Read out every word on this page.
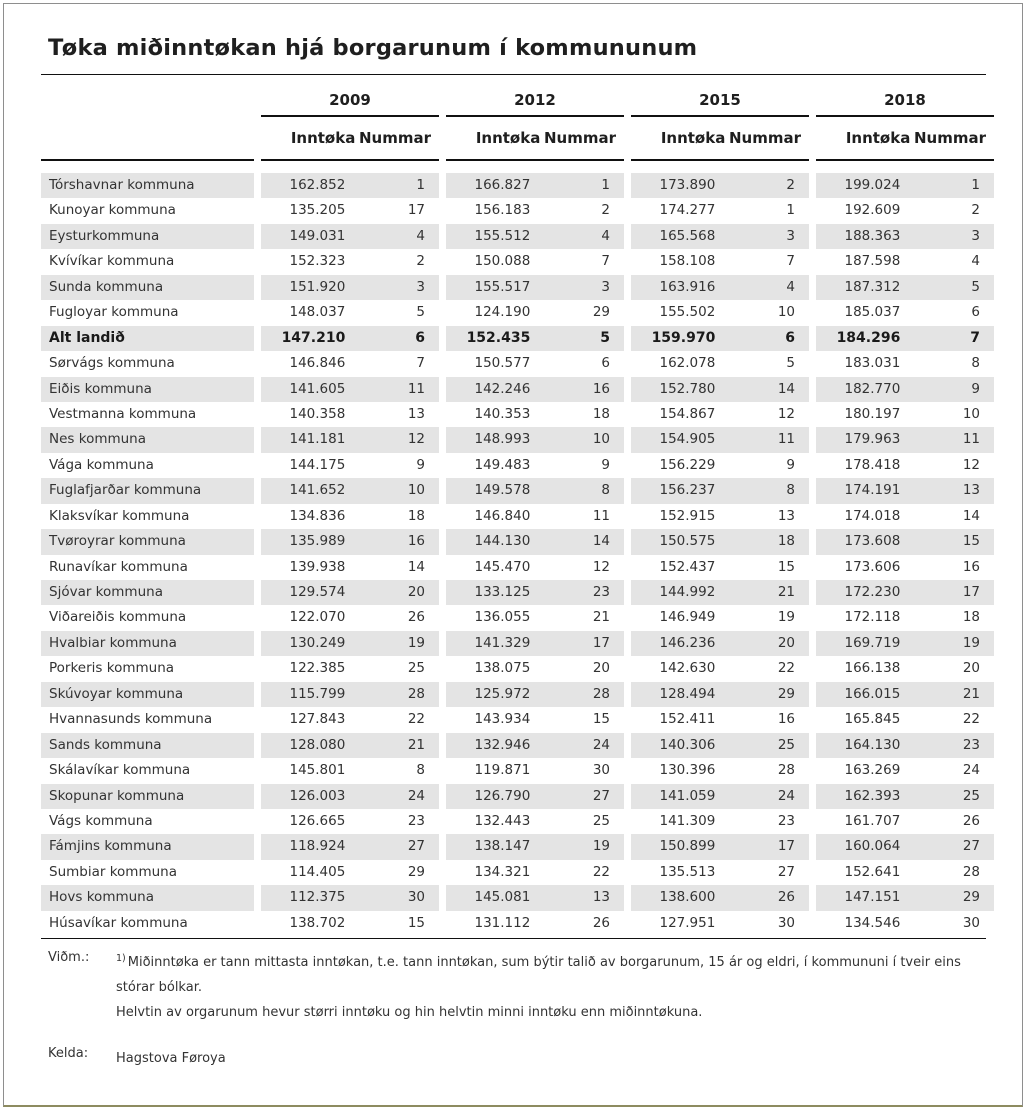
Tøka miðinntøkan hjá borgarunum í kommununum
2009	2012	2015	2018
Inntøka Nummar	Inntøka Nummar	Inntøka Nummar	Inntøka Nummar
Tórshavnar kommuna	162.852	1	166.827	1	173.890	2	199.024	1
Kunoyar kommuna	135.205	17	156.183	2	174.277	1	192.609	2
Eysturkommuna	149.031	4	155.512	4	165.568	3	188.363	3
Kvívíkar kommuna	152.323	2	150.088	7	158.108	7	187.598	4
Sunda kommuna	151.920	3	155.517	3	163.916	4	187.312	5
Fugloyar kommuna	148.037	5	124.190	29	155.502	10	185.037	6
Alt landið	147.210	6	152.435	5	159.970	6	184.296	7
Sørvágs kommuna	146.846	7	150.577	6	162.078	5	183.031	8
Eiðis kommuna	141.605	11	142.246	16	152.780	14	182.770	9
Vestmanna kommuna	140.358	13	140.353	18	154.867	12	180.197	10
Nes kommuna	141.181	12	148.993	10	154.905	11	179.963	11
Vága kommuna	144.175	9	149.483	9	156.229	9	178.418	12
Fuglafjarðar kommuna	141.652	10	149.578	8	156.237	8	174.191	13
Klaksvíkar kommuna	134.836	18	146.840	11	152.915	13	174.018	14
Tvøroyrar kommuna	135.989	16	144.130	14	150.575	18	173.608	15
Runavíkar kommuna	139.938	14	145.470	12	152.437	15	173.606	16
Sjóvar kommuna	129.574	20	133.125	23	144.992	21	172.230	17
Viðareiðis kommuna	122.070	26	136.055	21	146.949	19	172.118	18
Hvalbiar kommuna	130.249	19	141.329	17	146.236	20	169.719	19
Porkeris kommuna	122.385	25	138.075	20	142.630	22	166.138	20
Skúvoyar kommuna	115.799	28	125.972	28	128.494	29	166.015	21
Hvannasunds kommuna	127.843	22	143.934	15	152.411	16	165.845	22
Sands kommuna	128.080	21	132.946	24	140.306	25	164.130	23
Skálavíkar kommuna	145.801	8	119.871	30	130.396	28	163.269	24
Skopunar kommuna	126.003	24	126.790	27	141.059	24	162.393	25
Vágs kommuna	126.665	23	132.443	25	141.309	23	161.707	26
Fámjins kommuna	118.924	27	138.147	19	150.899	17	160.064	27
Sumbiar kommuna	114.405	29	134.321	22	135.513	27	152.641	28
Hovs kommuna	112.375	30	145.081	13	138.600	26	147.151	29
Húsavíkar kommuna	138.702	15	131.112	26	127.951	30	134.546	30
Viðm.:	$^{1)}$ Miðinntøka er tann mittasta inntøkan, t.e. tann inntøkan, sum býtir talið av borgarunum, 15 ár og eldri, í kommununi í tveir eins stórar bólkar.
Helvtin av orgarunum hevur størri inntøku og hin helvtin minni inntøku enn miðinntøkuna.
Kelda:	Hagstova Føroya
